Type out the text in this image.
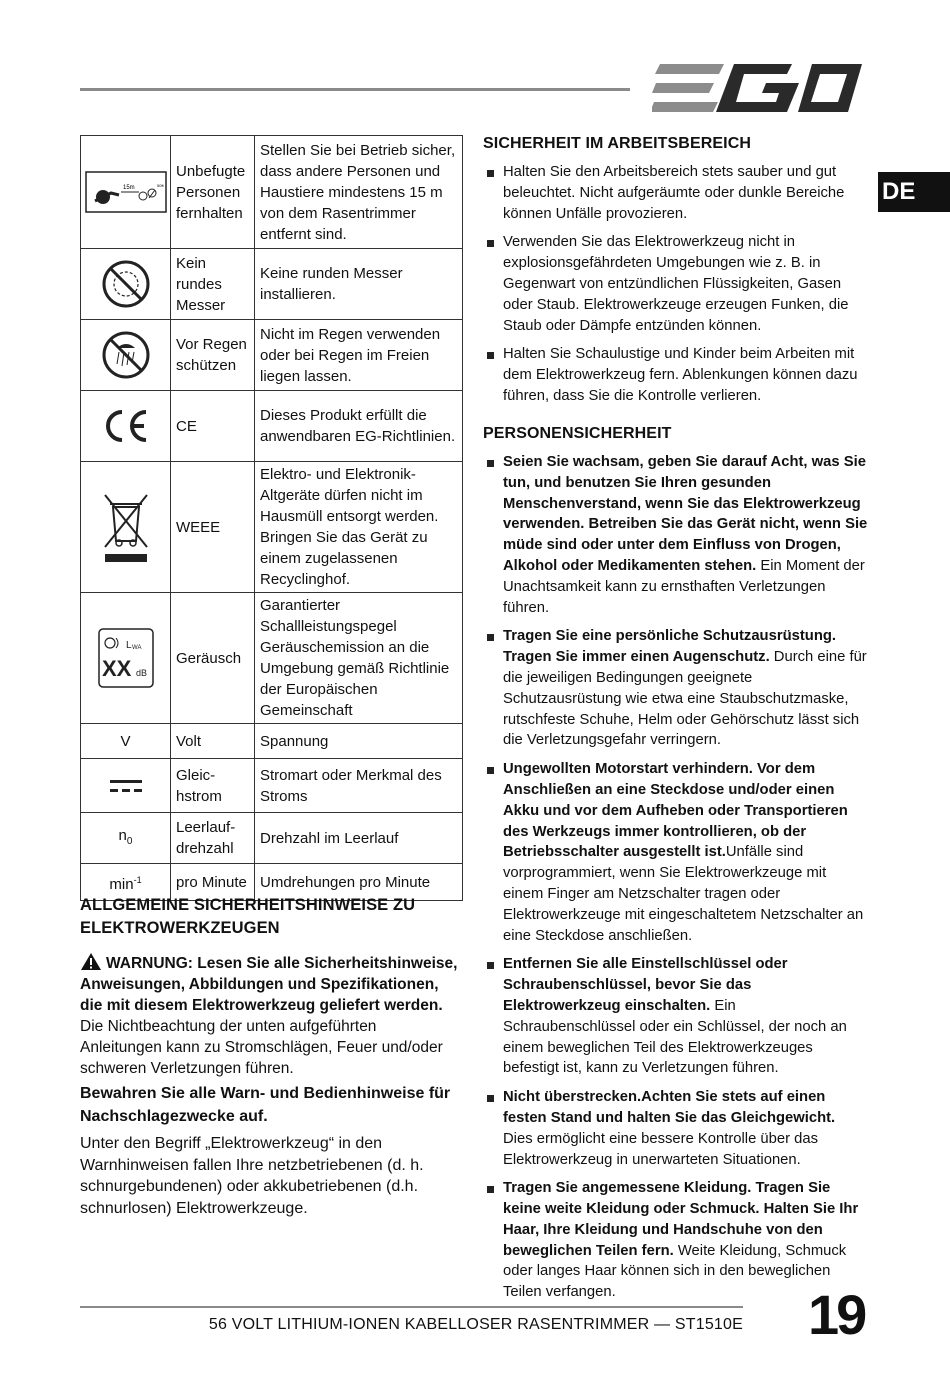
DE
15m 50ft	Unbefugte Personen fernhalten	Stellen Sie bei Betrieb sicher, dass andere Personen und Haustiere mindestens 15 m von dem Rasentrimmer entfernt sind.

	Kein rundes Messer	Keine runden Messer installieren.

	Vor Regen schützen	Nicht im Regen verwenden oder bei Regen im Freien liegen lassen.

	CE	Dieses Produkt erfüllt die anwendbaren EG-Richtlinien.

	WEEE	Elektro- und Elektronik-Altgeräte dürfen nicht im Hausmüll entsorgt werden. Bringen Sie das Gerät zu einem zugelassenen Recyclinghof.

L WA
XX dB	Geräusch	Garantierter Schallleistungspegel Geräuschemission an die Umgebung gemäß Richtlinie der Europäischen Gemeinschaft
V	Volt	Spannung

	Gleic-hstrom	Stromart oder Merkmal des Stroms
$n_0$	Leerlauf-drehzahl	Drehzahl im Leerlauf
$\min^{-1}$	pro Minute	Umdrehungen pro Minute
ALLGEMEINE SICHERHEITSHINWEISE ZU ELEKTROWERKZEUGEN
WARNUNG: Lesen Sie alle Sicherheitshinweise, Anweisungen, Abbildungen und Spezifikationen, die mit diesem Elektrowerkzeug geliefert werden. Die Nichtbeachtung der unten aufgeführten Anleitungen kann zu Stromschlägen, Feuer und/oder schweren Verletzungen führen.
Bewahren Sie alle Warn- und Bedienhinweise für Nachschlagezwecke auf.
Unter den Begriff „Elektrowerkzeug“ in den Warnhinweisen fallen Ihre netzbetriebenen (d. h. schnurgebundenen) oder akkubetriebenen (d.h. schnurlosen) Elektrowerkzeuge.
SICHERHEIT IM ARBEITSBEREICH
Halten Sie den Arbeitsbereich stets sauber und gut beleuchtet. Nicht aufgeräumte oder dunkle Bereiche können Unfälle provozieren.
Verwenden Sie das Elektrowerkzeug nicht in explosionsgefährdeten Umgebungen wie z. B. in Gegenwart von entzündlichen Flüssigkeiten, Gasen oder Staub. Elektrowerkzeuge erzeugen Funken, die Staub oder Dämpfe entzünden können.
Halten Sie Schaulustige und Kinder beim Arbeiten mit dem Elektrowerkzeug fern. Ablenkungen können dazu führen, dass Sie die Kontrolle verlieren.
PERSONENSICHERHEIT
Seien Sie wachsam, geben Sie darauf Acht, was Sie tun, und benutzen Sie Ihren gesunden Menschenverstand, wenn Sie das Elektrowerkzeug verwenden. Betreiben Sie das Gerät nicht, wenn Sie müde sind oder unter dem Einfluss von Drogen, Alkohol oder Medikamenten stehen. Ein Moment der Unachtsamkeit kann zu ernsthaften Verletzungen führen.
Tragen Sie eine persönliche Schutzausrüstung. Tragen Sie immer einen Augenschutz. Durch eine für die jeweiligen Bedingungen geeignete Schutzausrüstung wie etwa eine Staubschutzmaske, rutschfeste Schuhe, Helm oder Gehörschutz lässt sich die Verletzungsgefahr verringern.
Ungewollten Motorstart verhindern. Vor dem Anschließen an eine Steckdose und/oder einen Akku und vor dem Aufheben oder Transportieren des Werkzeugs immer kontrollieren, ob der Betriebsschalter ausgestellt ist.Unfälle sind vorprogrammiert, wenn Sie Elektrowerkzeuge mit einem Finger am Netzschalter tragen oder Elektrowerkzeuge mit eingeschaltetem Netzschalter an eine Steckdose anschließen.
Entfernen Sie alle Einstellschlüssel oder Schraubenschlüssel, bevor Sie das Elektrowerkzeug einschalten. Ein Schraubenschlüssel oder ein Schlüssel, der noch an einem beweglichen Teil des Elektrowerkzeuges befestigt ist, kann zu Verletzungen führen.
Nicht überstrecken.Achten Sie stets auf einen festen Stand und halten Sie das Gleichgewicht. Dies ermöglicht eine bessere Kontrolle über das Elektrowerkzeug in unerwarteten Situationen.
Tragen Sie angemessene Kleidung. Tragen Sie keine weite Kleidung oder Schmuck. Halten Sie Ihr Haar, Ihre Kleidung und Handschuhe von den beweglichen Teilen fern. Weite Kleidung, Schmuck oder langes Haar können sich in den beweglichen Teilen verfangen.
56 VOLT LITHIUM-IONEN KABELLOSER RASENTRIMMER — ST1510E 19
